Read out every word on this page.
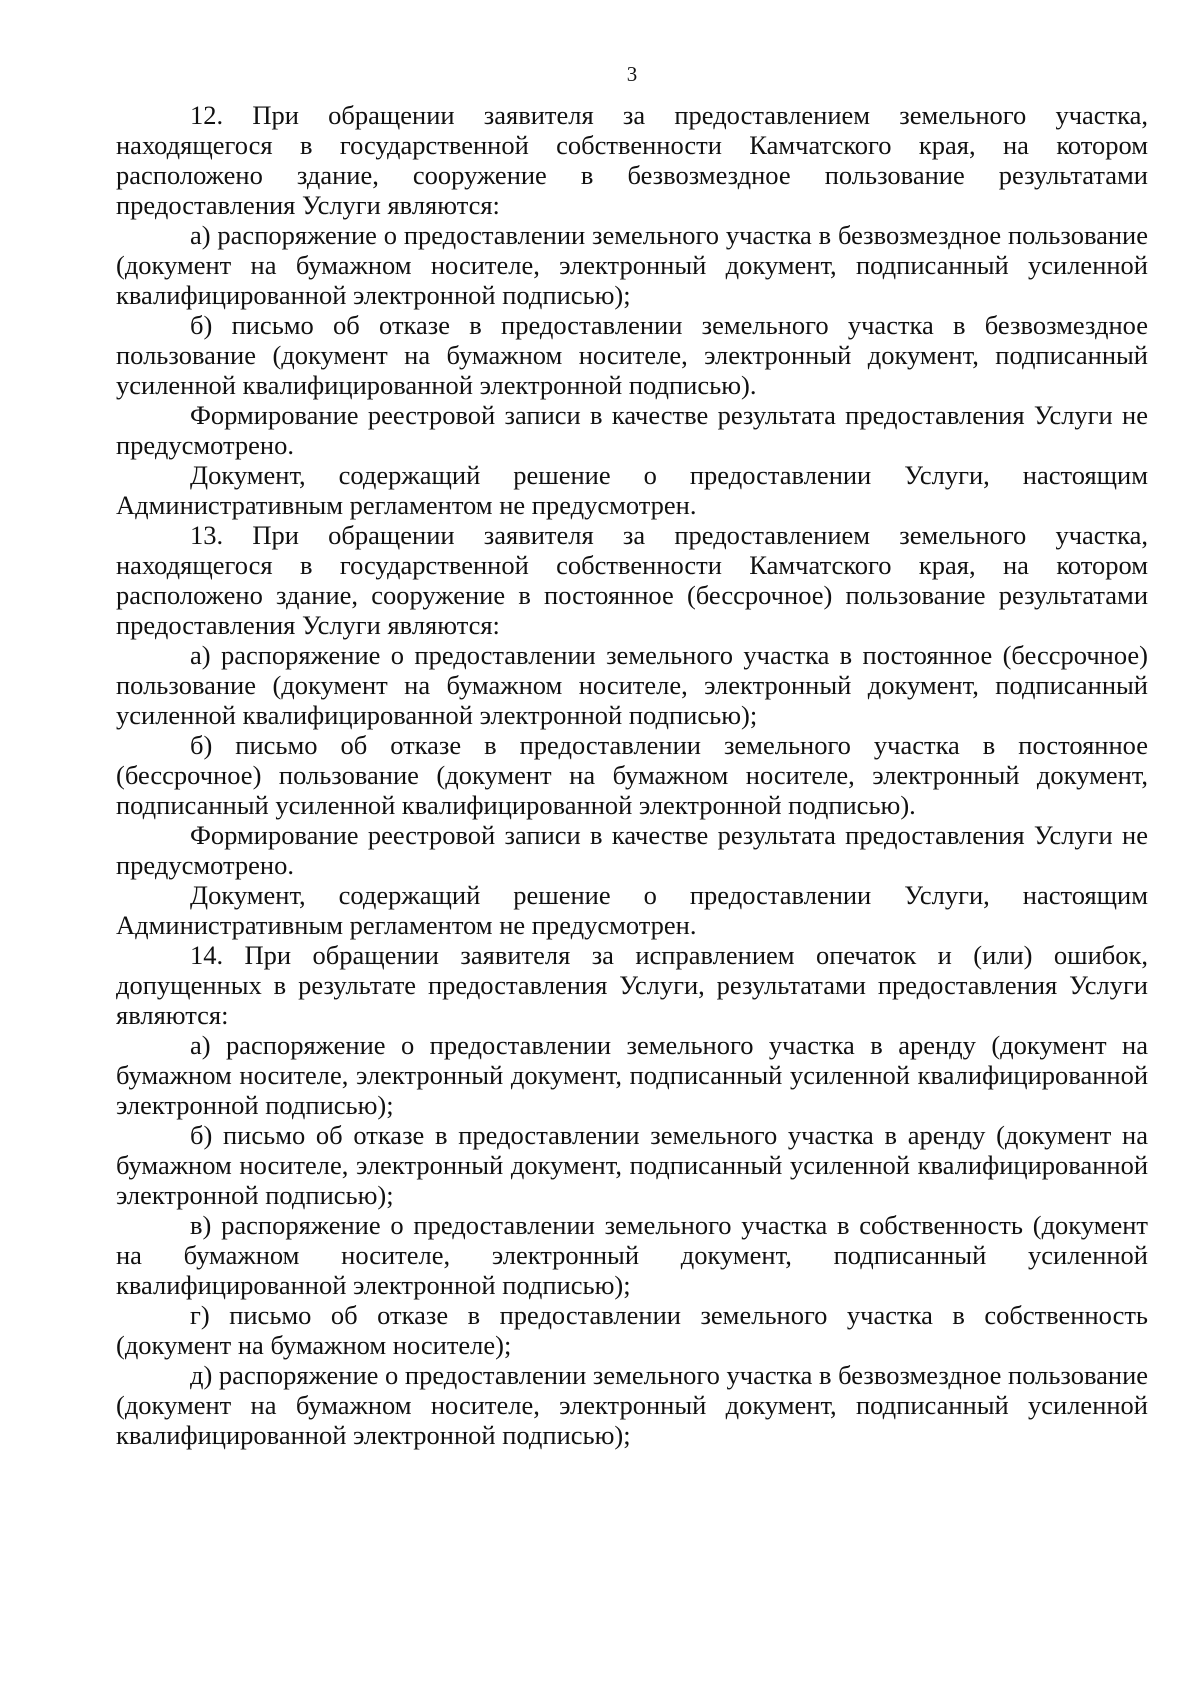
3

12. При обращении заявителя за предоставлением земельного участка, находящегося в государственной собственности Камчатского края, на котором расположено здание, сооружение в безвозмездное пользование результатами предоставления Услуги являются:

а) распоряжение о предоставлении земельного участка в безвозмездное пользование (документ на бумажном носителе, электронный документ, подписанный усиленной квалифицированной электронной подписью);

б) письмо об отказе в предоставлении земельного участка в безвозмездное пользование (документ на бумажном носителе, электронный документ, подписанный усиленной квалифицированной электронной подписью).

Формирование реестровой записи в качестве результата предоставления Услуги не предусмотрено.

Документ, содержащий решение о предоставлении Услуги, настоящим Административным регламентом не предусмотрен.

13. При обращении заявителя за предоставлением земельного участка, находящегося в государственной собственности Камчатского края, на котором расположено здание, сооружение в постоянное (бессрочное) пользование результатами предоставления Услуги являются:

а) распоряжение о предоставлении земельного участка в постоянное (бессрочное) пользование (документ на бумажном носителе, электронный документ, подписанный усиленной квалифицированной электронной подписью);

б) письмо об отказе в предоставлении земельного участка в постоянное (бессрочное) пользование (документ на бумажном носителе, электронный документ, подписанный усиленной квалифицированной электронной подписью).

Формирование реестровой записи в качестве результата предоставления Услуги не предусмотрено.

Документ, содержащий решение о предоставлении Услуги, настоящим Административным регламентом не предусмотрен.

14. При обращении заявителя за исправлением опечаток и (или) ошибок, допущенных в результате предоставления Услуги, результатами предоставления Услуги являются:

а) распоряжение о предоставлении земельного участка в аренду (документ на бумажном носителе, электронный документ, подписанный усиленной квалифицированной электронной подписью);

б) письмо об отказе в предоставлении земельного участка в аренду (документ на бумажном носителе, электронный документ, подписанный усиленной квалифицированной электронной подписью);

в) распоряжение о предоставлении земельного участка в собственность (документ на бумажном носителе, электронный документ, подписанный усиленной квалифицированной электронной подписью);

г) письмо об отказе в предоставлении земельного участка в собственность (документ на бумажном носителе);

д) распоряжение о предоставлении земельного участка в безвозмездное пользование (документ на бумажном носителе, электронный документ, подписанный усиленной квалифицированной электронной подписью);
